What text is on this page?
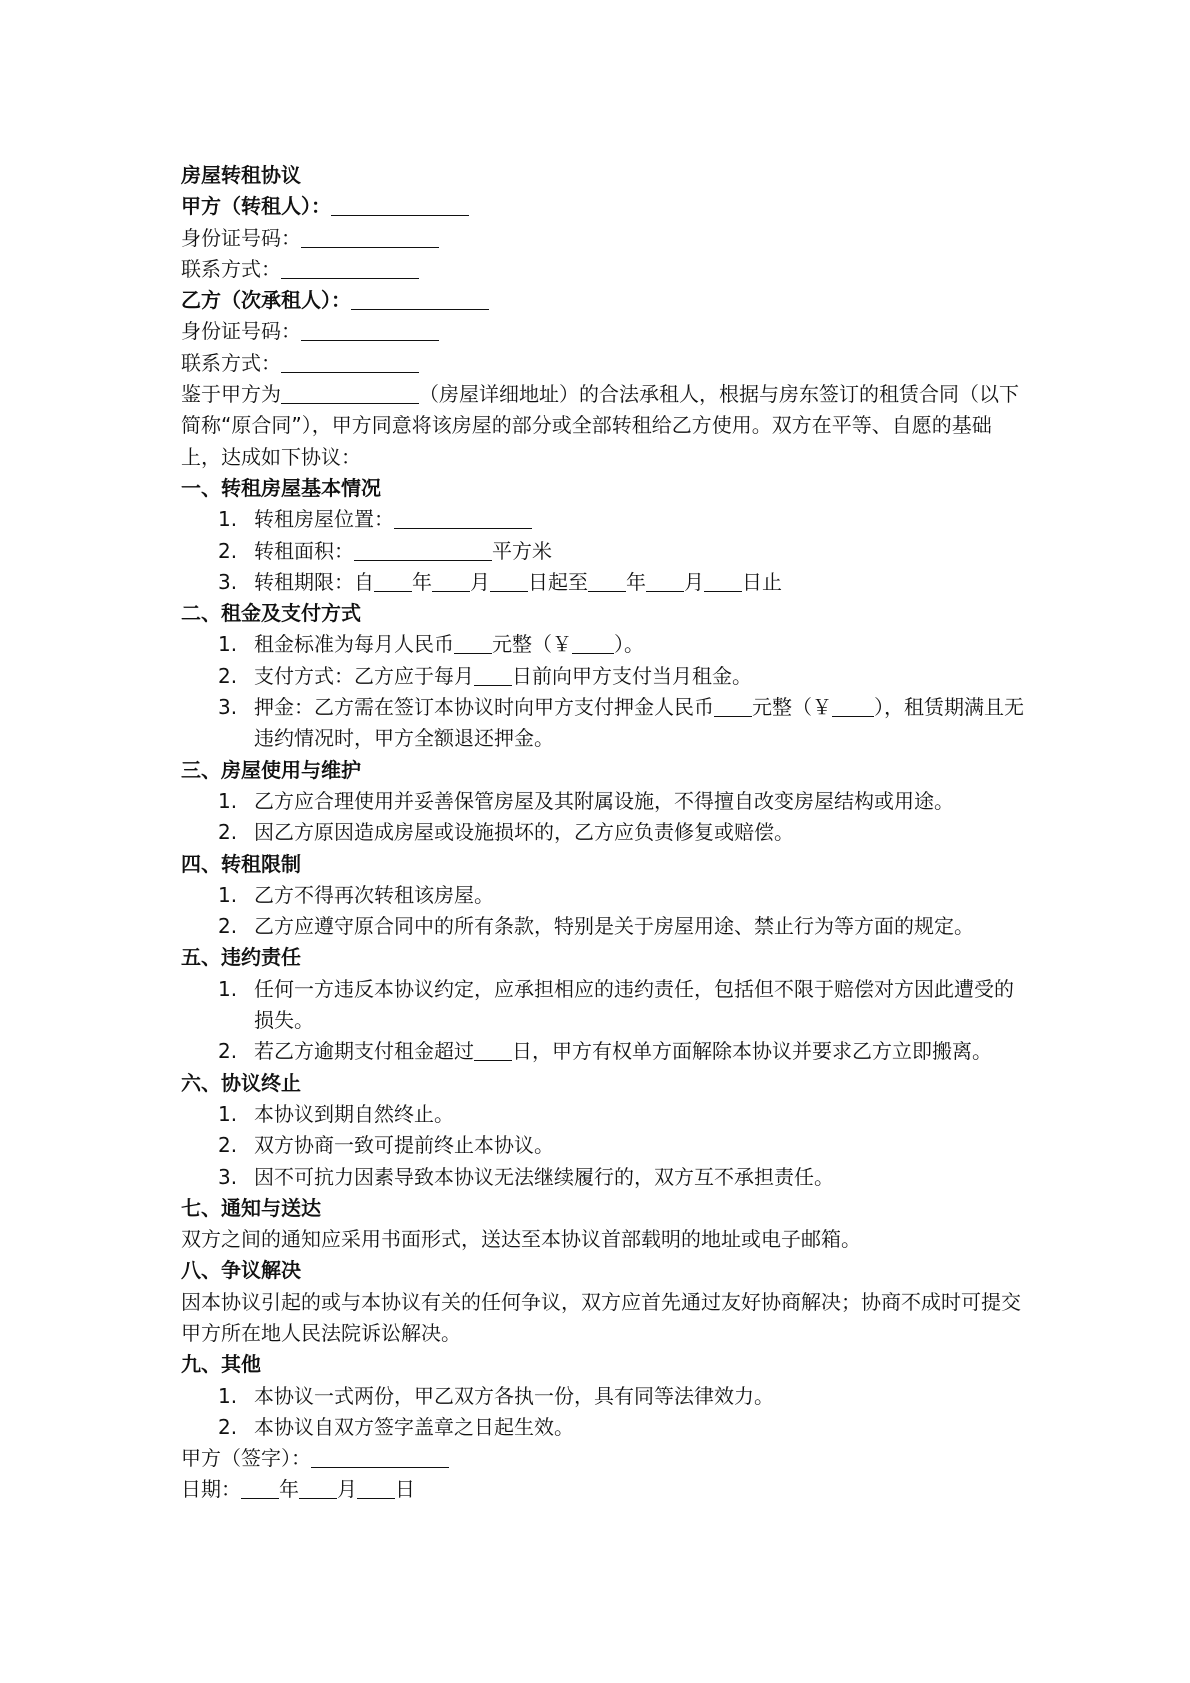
房屋转租协议
甲方（转租人）：
身份证号码：
联系方式：
乙方（次承租人）：
身份证号码：
联系方式：
鉴于甲方为	（房屋详细地址）的合法承租人，根据与房东签订的租赁合同（以下简称“原合同”），甲方同意将该房屋的部分或全部转租给乙方使用。双方在平等、自愿的基础上，达成如下协议：
一、转租房屋基本情况
1. 转租房屋位置：
2. 转租面积：	平方米
3. 转租期限：自 年 月 日起至 年 月 日止
二、租金及支付方式
1. 租金标准为每月人民币 元整（￥ ）。
2. 支付方式：乙方应于每月 日前向甲方支付当月租金。
3. 押金：乙方需在签订本协议时向甲方支付押金人民币 元整（￥ ），租赁期满且无违约情况时，甲方全额退还押金。
三、房屋使用与维护
1. 乙方应合理使用并妥善保管房屋及其附属设施，不得擅自改变房屋结构或用途。
2. 因乙方原因造成房屋或设施损坏的，乙方应负责修复或赔偿。
四、转租限制
1. 乙方不得再次转租该房屋。
2. 乙方应遵守原合同中的所有条款，特别是关于房屋用途、禁止行为等方面的规定。
五、违约责任
1. 任何一方违反本协议约定，应承担相应的违约责任，包括但不限于赔偿对方因此遭受的损失。
2. 若乙方逾期支付租金超过 日，甲方有权单方面解除本协议并要求乙方立即搬离。
六、协议终止
1. 本协议到期自然终止。
2. 双方协商一致可提前终止本协议。
3. 因不可抗力因素导致本协议无法继续履行的，双方互不承担责任。
七、通知与送达
双方之间的通知应采用书面形式，送达至本协议首部载明的地址或电子邮箱。
八、争议解决
因本协议引起的或与本协议有关的任何争议，双方应首先通过友好协商解决；协商不成时可提交甲方所在地人民法院诉讼解决。
九、其他
1. 本协议一式两份，甲乙双方各执一份，具有同等法律效力。
2. 本协议自双方签字盖章之日起生效。
甲方（签字）：
日期： 年 月 日
